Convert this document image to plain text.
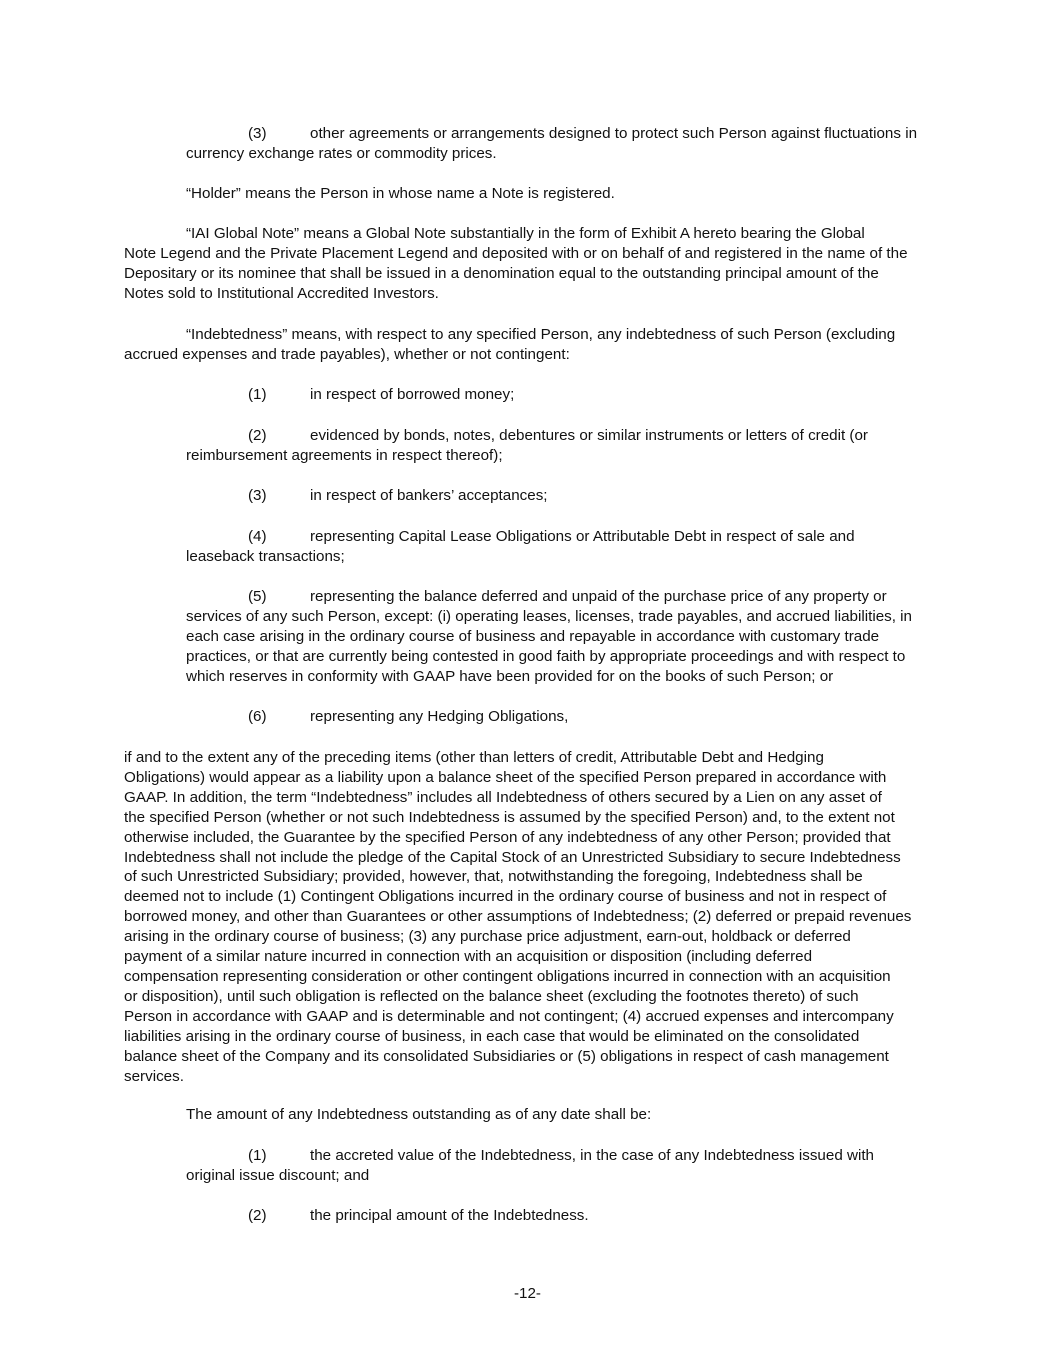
(3)	other agreements or arrangements designed to protect such Person against fluctuations in
currency exchange rates or commodity prices.
“Holder” means the Person in whose name a Note is registered.
“IAI Global Note” means a Global Note substantially in the form of Exhibit A hereto bearing the Global
Note Legend and the Private Placement Legend and deposited with or on behalf of and registered in the name of the
Depositary or its nominee that shall be issued in a denomination equal to the outstanding principal amount of the
Notes sold to Institutional Accredited Investors.
“Indebtedness” means, with respect to any specified Person, any indebtedness of such Person (excluding
accrued expenses and trade payables), whether or not contingent:
(1)	in respect of borrowed money;
(2)	evidenced by bonds, notes, debentures or similar instruments or letters of credit (or
reimbursement agreements in respect thereof);
(3)	in respect of bankers’ acceptances;
(4)	representing Capital Lease Obligations or Attributable Debt in respect of sale and
leaseback transactions;
(5)	representing the balance deferred and unpaid of the purchase price of any property or
services of any such Person, except: (i) operating leases, licenses, trade payables, and accrued liabilities, in
each case arising in the ordinary course of business and repayable in accordance with customary trade
practices, or that are currently being contested in good faith by appropriate proceedings and with respect to
which reserves in conformity with GAAP have been provided for on the books of such Person; or
(6)	representing any Hedging Obligations,
if and to the extent any of the preceding items (other than letters of credit, Attributable Debt and Hedging
Obligations) would appear as a liability upon a balance sheet of the specified Person prepared in accordance with
GAAP. In addition, the term “Indebtedness” includes all Indebtedness of others secured by a Lien on any asset of
the specified Person (whether or not such Indebtedness is assumed by the specified Person) and, to the extent not
otherwise included, the Guarantee by the specified Person of any indebtedness of any other Person; provided that
Indebtedness shall not include the pledge of the Capital Stock of an Unrestricted Subsidiary to secure Indebtedness
of such Unrestricted Subsidiary; provided, however, that, notwithstanding the foregoing, Indebtedness shall be
deemed not to include (1) Contingent Obligations incurred in the ordinary course of business and not in respect of
borrowed money, and other than Guarantees or other assumptions of Indebtedness; (2) deferred or prepaid revenues
arising in the ordinary course of business; (3) any purchase price adjustment, earn-out, holdback or deferred
payment of a similar nature incurred in connection with an acquisition or disposition (including deferred
compensation representing consideration or other contingent obligations incurred in connection with an acquisition
or disposition), until such obligation is reflected on the balance sheet (excluding the footnotes thereto) of such
Person in accordance with GAAP and is determinable and not contingent; (4) accrued expenses and intercompany
liabilities arising in the ordinary course of business, in each case that would be eliminated on the consolidated
balance sheet of the Company and its consolidated Subsidiaries or (5) obligations in respect of cash management
services.
The amount of any Indebtedness outstanding as of any date shall be:
(1)	the accreted value of the Indebtedness, in the case of any Indebtedness issued with
original issue discount; and
(2)	the principal amount of the Indebtedness.
-12-
